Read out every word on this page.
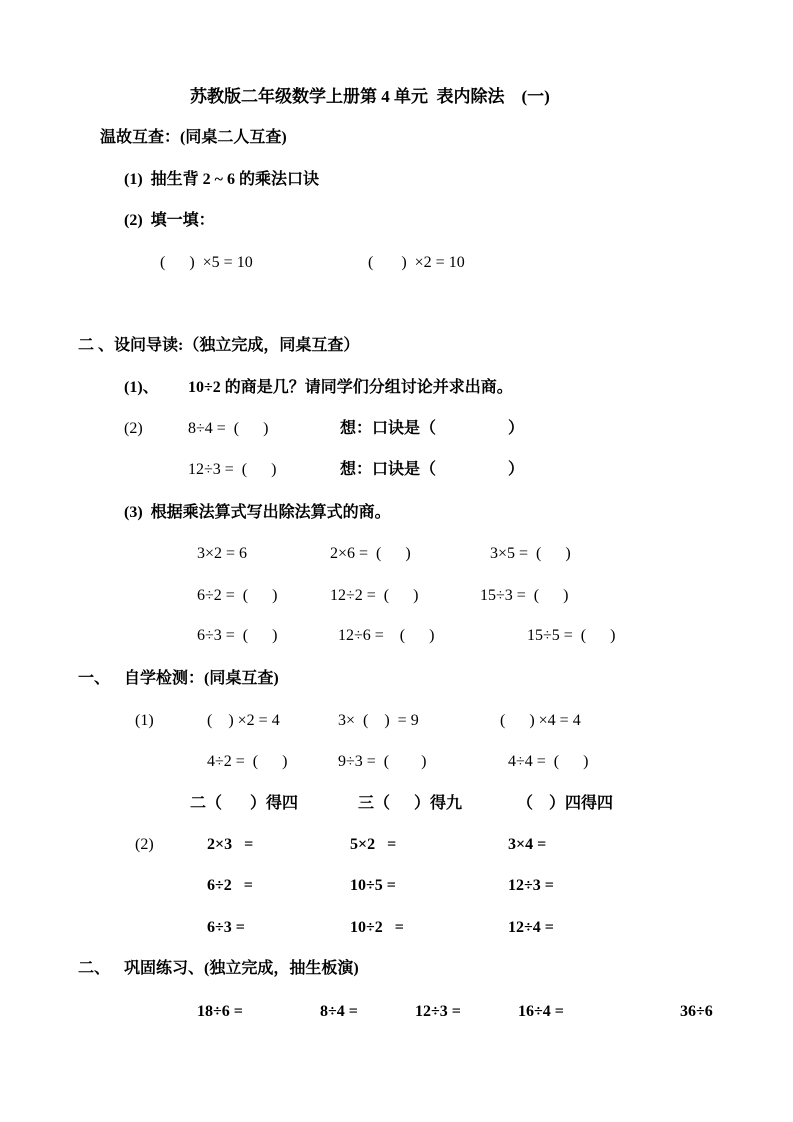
苏教版二年级数学上册第 4 单元  表内除法    (一)
温故互查：(同桌二人互查)
(1)  抽生背 2 ~ 6 的乘法口诀
(2)  填一填：
(      )  ×5 = 10	(       )  ×2 = 10
二 、设问导读:（独立完成，同桌互查）
(1)、 10÷2 的商是几？请同学们分组讨论并求出商。
(2)	8÷4 =  (      )	想：口诀是（                  ）
12÷3 =  (      )	想：口诀是（                  ）
(3)  根据乘法算式写出除法算式的商。
3×2 = 6	2×6 =  (      )	3×5 =  (      )
6÷2 =  (      )	12÷2 =  (      )	15÷3 =  (      )
6÷3 =  (      )	12÷6 =    (      )	15÷5 =  (      )
一、 自学检测：(同桌互查)
(1)	(    ) ×2 = 4	3×  (    )  = 9	(      ) ×4 = 4
4÷2 =  (      )	9÷3 =  (        )	4÷4 =  (      )
二（       ）得四	三（      ）得九	（    ）四得四
(2)	2×3   =	5×2   =	3×4 =
6÷2   =	10÷5 =	12÷3 =
6÷3 =	10÷2   =	12÷4 =
二、 巩固练习、(独立完成，抽生板演)
18÷6 =	8÷4 =	12÷3 =	16÷4 =	36÷6
